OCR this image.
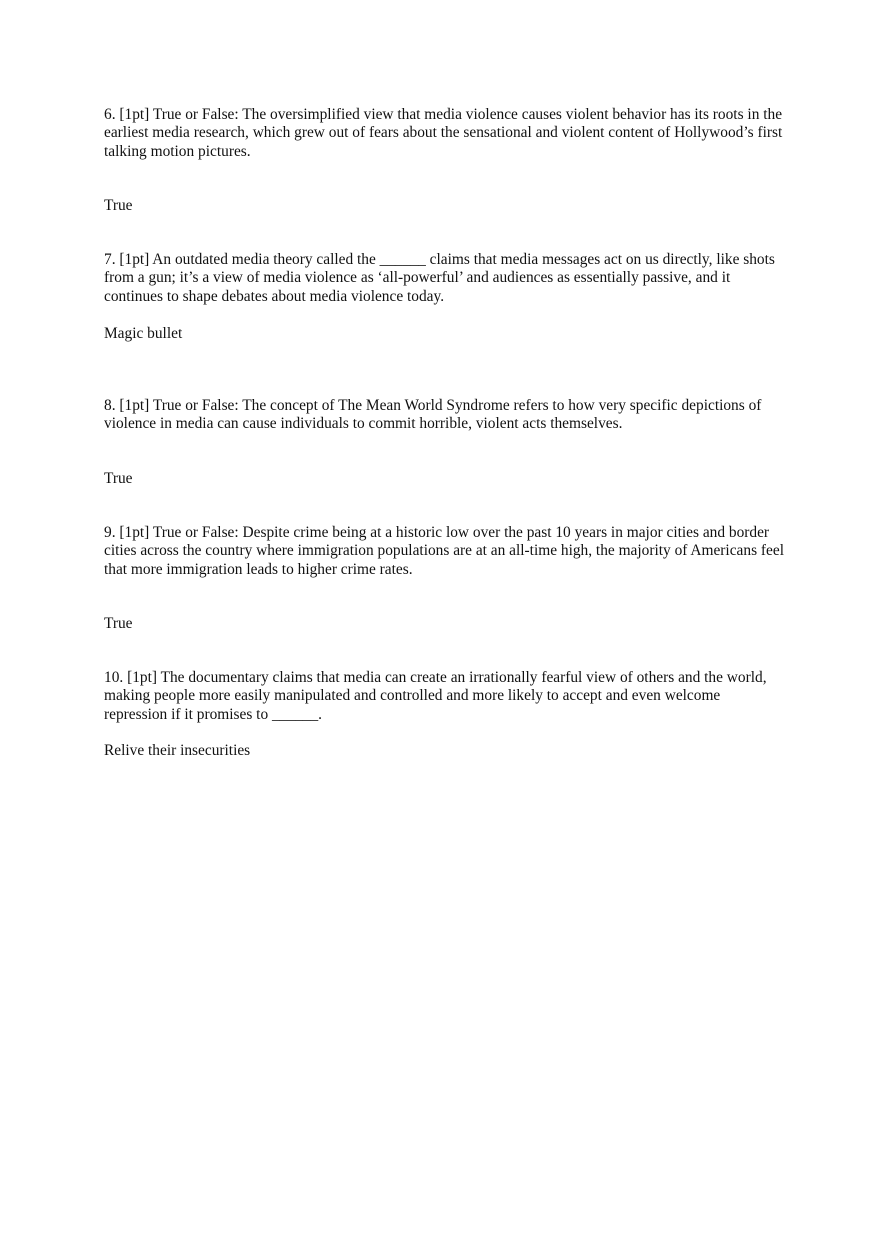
6. [1pt] True or False: The oversimplified view that media violence causes violent behavior has its roots in the earliest media research, which grew out of fears about the sensational and violent content of Hollywood’s first talking motion pictures.

True

7. [1pt] An outdated media theory called the ______ claims that media messages act on us directly, like shots from a gun; it’s a view of media violence as ‘all-powerful’ and audiences as essentially passive, and it continues to shape debates about media violence today.

Magic bullet

8. [1pt] True or False: The concept of The Mean World Syndrome refers to how very specific depictions of violence in media can cause individuals to commit horrible, violent acts themselves.

True

9. [1pt] True or False: Despite crime being at a historic low over the past 10 years in major cities and border cities across the country where immigration populations are at an all-time high, the majority of Americans feel that more immigration leads to higher crime rates.

True

10. [1pt] The documentary claims that media can create an irrationally fearful view of others and the world, making people more easily manipulated and controlled and more likely to accept and even welcome repression if it promises to ______.

Relive their insecurities
